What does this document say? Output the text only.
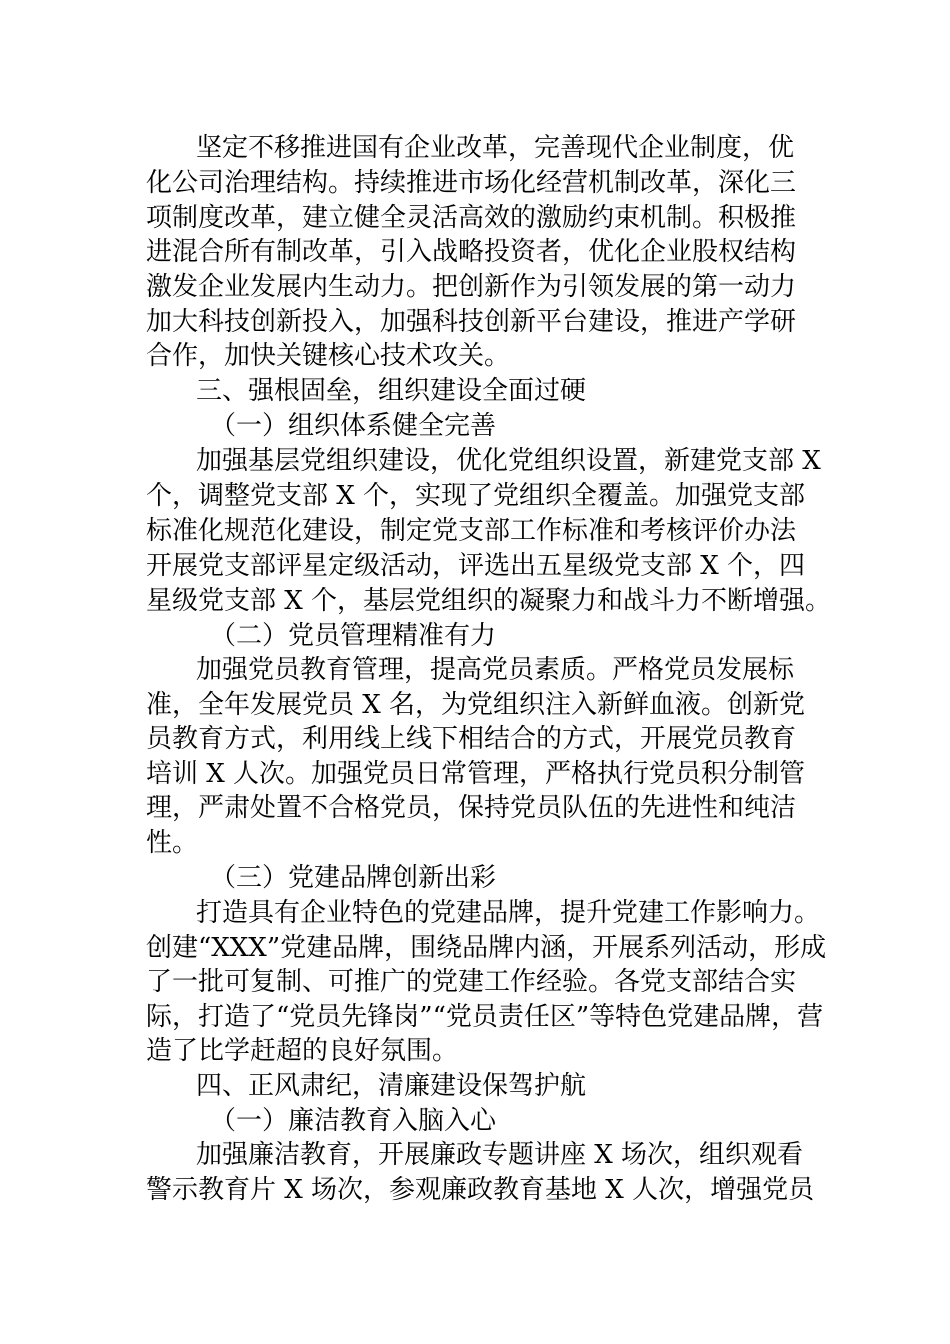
坚定不移推进国有企业改革，完善现代企业制度，优
化公司治理结构。持续推进市场化经营机制改革，深化三
项制度改革，建立健全灵活高效的激励约束机制。积极推
进混合所有制改革，引入战略投资者，优化企业股权结构
激发企业发展内生动力。把创新作为引领发展的第一动力
加大科技创新投入，加强科技创新平台建设，推进产学研
合作，加快关键核心技术攻关。
三、强根固垒，组织建设全面过硬
（一）组织体系健全完善
加强基层党组织建设，优化党组织设置，新建党支部 X
个，调整党支部 X 个，实现了党组织全覆盖。加强党支部
标准化规范化建设，制定党支部工作标准和考核评价办法
开展党支部评星定级活动，评选出五星级党支部 X 个，四
星级党支部 X 个，基层党组织的凝聚力和战斗力不断增强。
（二）党员管理精准有力
加强党员教育管理，提高党员素质。严格党员发展标
准，全年发展党员 X 名，为党组织注入新鲜血液。创新党
员教育方式，利用线上线下相结合的方式，开展党员教育
培训 X 人次。加强党员日常管理，严格执行党员积分制管
理，严肃处置不合格党员，保持党员队伍的先进性和纯洁
性。
（三）党建品牌创新出彩
打造具有企业特色的党建品牌，提升党建工作影响力。
创建“XXX”党建品牌，围绕品牌内涵，开展系列活动，形成
了一批可复制、可推广的党建工作经验。各党支部结合实
际，打造了“党员先锋岗”“党员责任区”等特色党建品牌，营
造了比学赶超的良好氛围。
四、正风肃纪，清廉建设保驾护航
（一）廉洁教育入脑入心
加强廉洁教育，开展廉政专题讲座 X 场次，组织观看
警示教育片 X 场次，参观廉政教育基地 X 人次，增强党员
